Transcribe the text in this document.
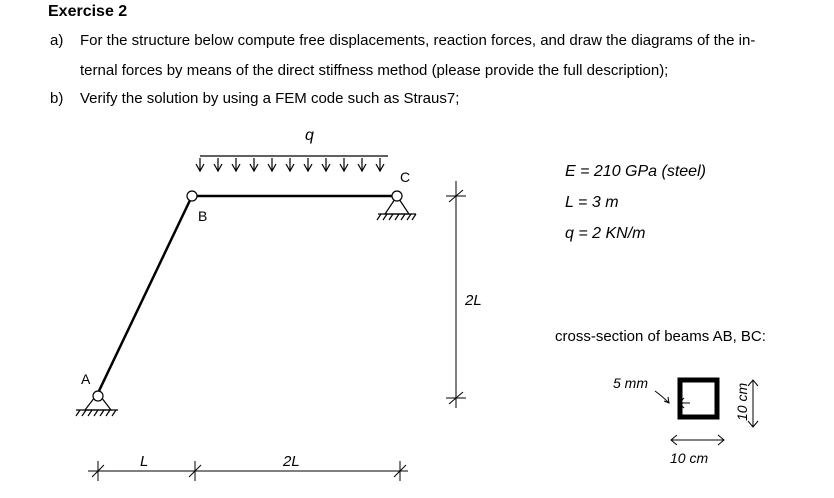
Exercise 2
a) For the structure below compute free displacements, reaction forces, and draw the diagrams of the in-
ternal forces by means of the direct stiffness method (please provide the full description);
b) Verify the solution by using a FEM code such as Straus7;
q
C
B
A
2L
L	2L
5 mm
10 cm
10 cm
E = 210 GPa (steel)
L = 3 m
q = 2 KN/m
cross-section of beams AB, BC:
